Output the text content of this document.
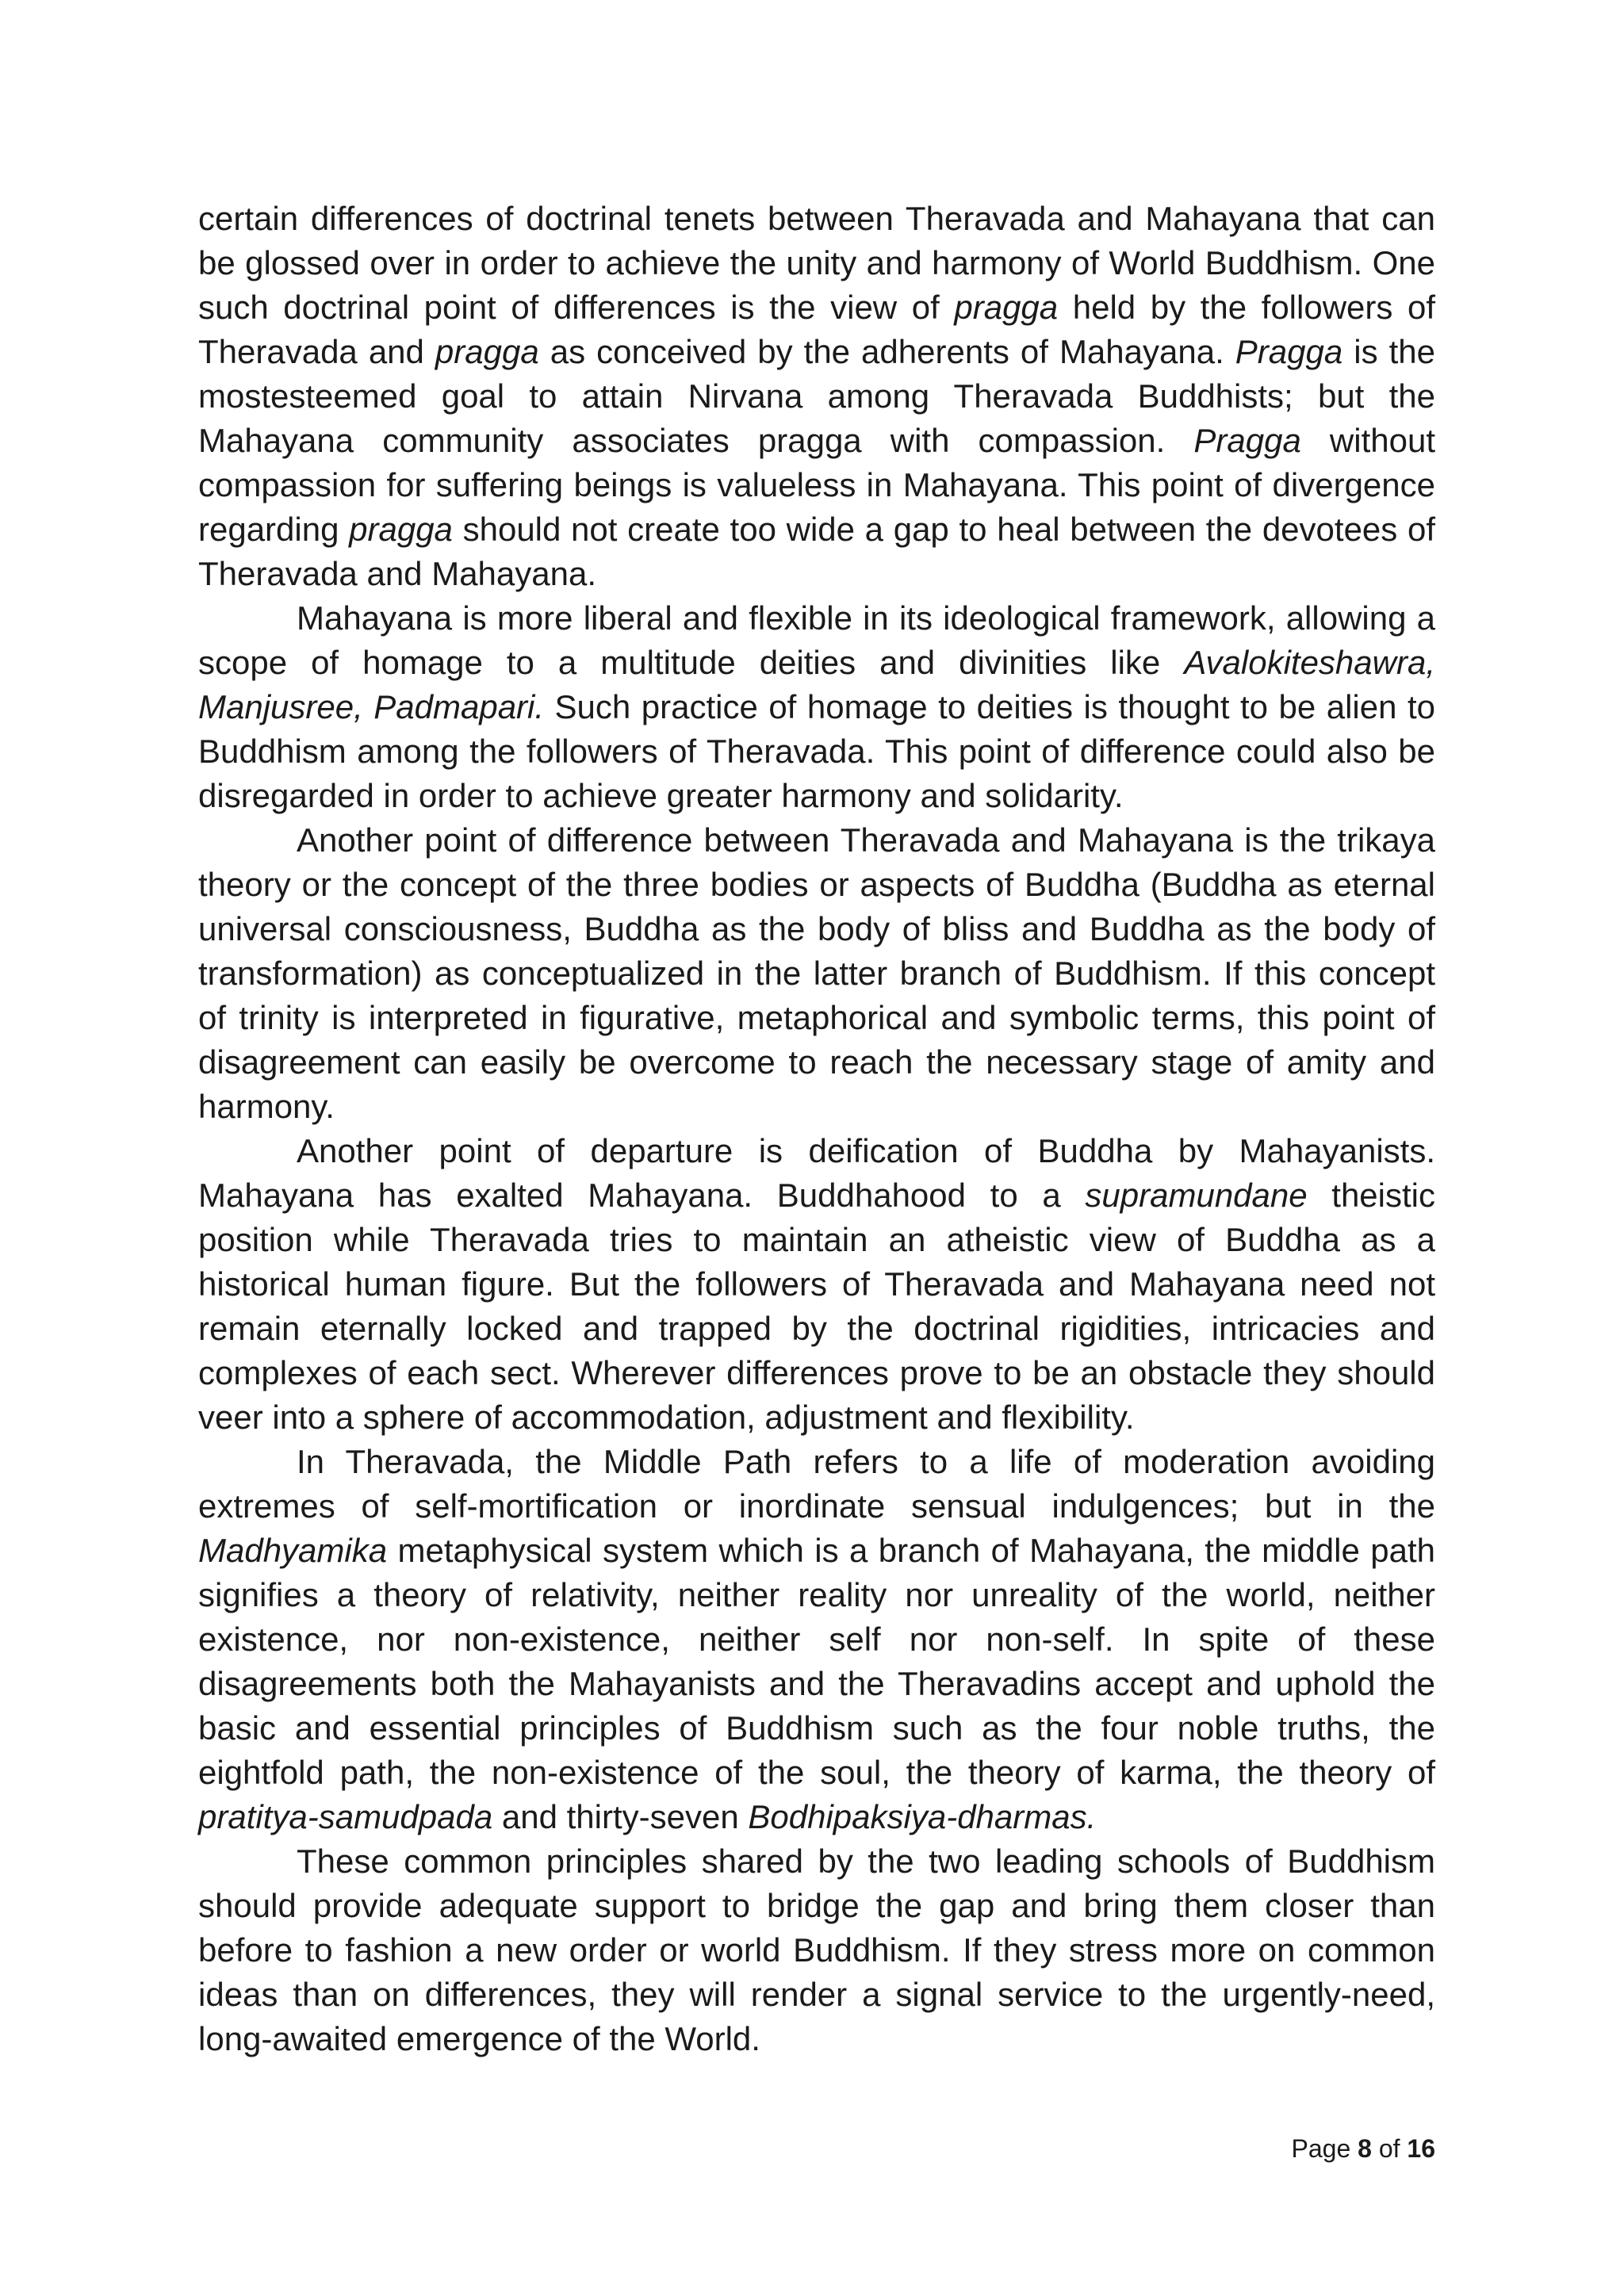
certain differences of doctrinal tenets between Theravada and Mahayana that can be glossed over in order to achieve the unity and harmony of World Buddhism. One such doctrinal point of differences is the view of pragga held by the followers of Theravada and pragga as conceived by the adherents of Mahayana. Pragga is the mostesteemed goal to attain Nirvana among Theravada Buddhists; but the Mahayana community associates pragga with compassion. Pragga without compassion for suffering beings is valueless in Mahayana. This point of divergence regarding pragga should not create too wide a gap to heal between the devotees of Theravada and Mahayana.

Mahayana is more liberal and flexible in its ideological framework, allowing a scope of homage to a multitude deities and divinities like Avalokiteshawra, Manjusree, Padmapari. Such practice of homage to deities is thought to be alien to Buddhism among the followers of Theravada. This point of difference could also be disregarded in order to achieve greater harmony and solidarity.

Another point of difference between Theravada and Mahayana is the trikaya theory or the concept of the three bodies or aspects of Buddha (Buddha as eternal universal consciousness, Buddha as the body of bliss and Buddha as the body of transformation) as conceptualized in the latter branch of Buddhism. If this concept of trinity is interpreted in figurative, metaphorical and symbolic terms, this point of disagreement can easily be overcome to reach the necessary stage of amity and harmony.

Another point of departure is deification of Buddha by Mahayanists. Mahayana has exalted Mahayana. Buddhahood to a supramundane theistic position while Theravada tries to maintain an atheistic view of Buddha as a historical human figure. But the followers of Theravada and Mahayana need not remain eternally locked and trapped by the doctrinal rigidities, intricacies and complexes of each sect. Wherever differences prove to be an obstacle they should veer into a sphere of accommodation, adjustment and flexibility.

In Theravada, the Middle Path refers to a life of moderation avoiding extremes of self-mortification or inordinate sensual indulgences; but in the Madhyamika metaphysical system which is a branch of Mahayana, the middle path signifies a theory of relativity, neither reality nor unreality of the world, neither existence, nor non-existence, neither self nor non-self. In spite of these disagreements both the Mahayanists and the Theravadins accept and uphold the basic and essential principles of Buddhism such as the four noble truths, the eightfold path, the non-existence of the soul, the theory of karma, the theory of pratitya-samudpada and thirty-seven Bodhipaksiya-dharmas.

These common principles shared by the two leading schools of Buddhism should provide adequate support to bridge the gap and bring them closer than before to fashion a new order or world Buddhism. If they stress more on common ideas than on differences, they will render a signal service to the urgently-need, long-awaited emergence of the World.

Page 8 of 16
